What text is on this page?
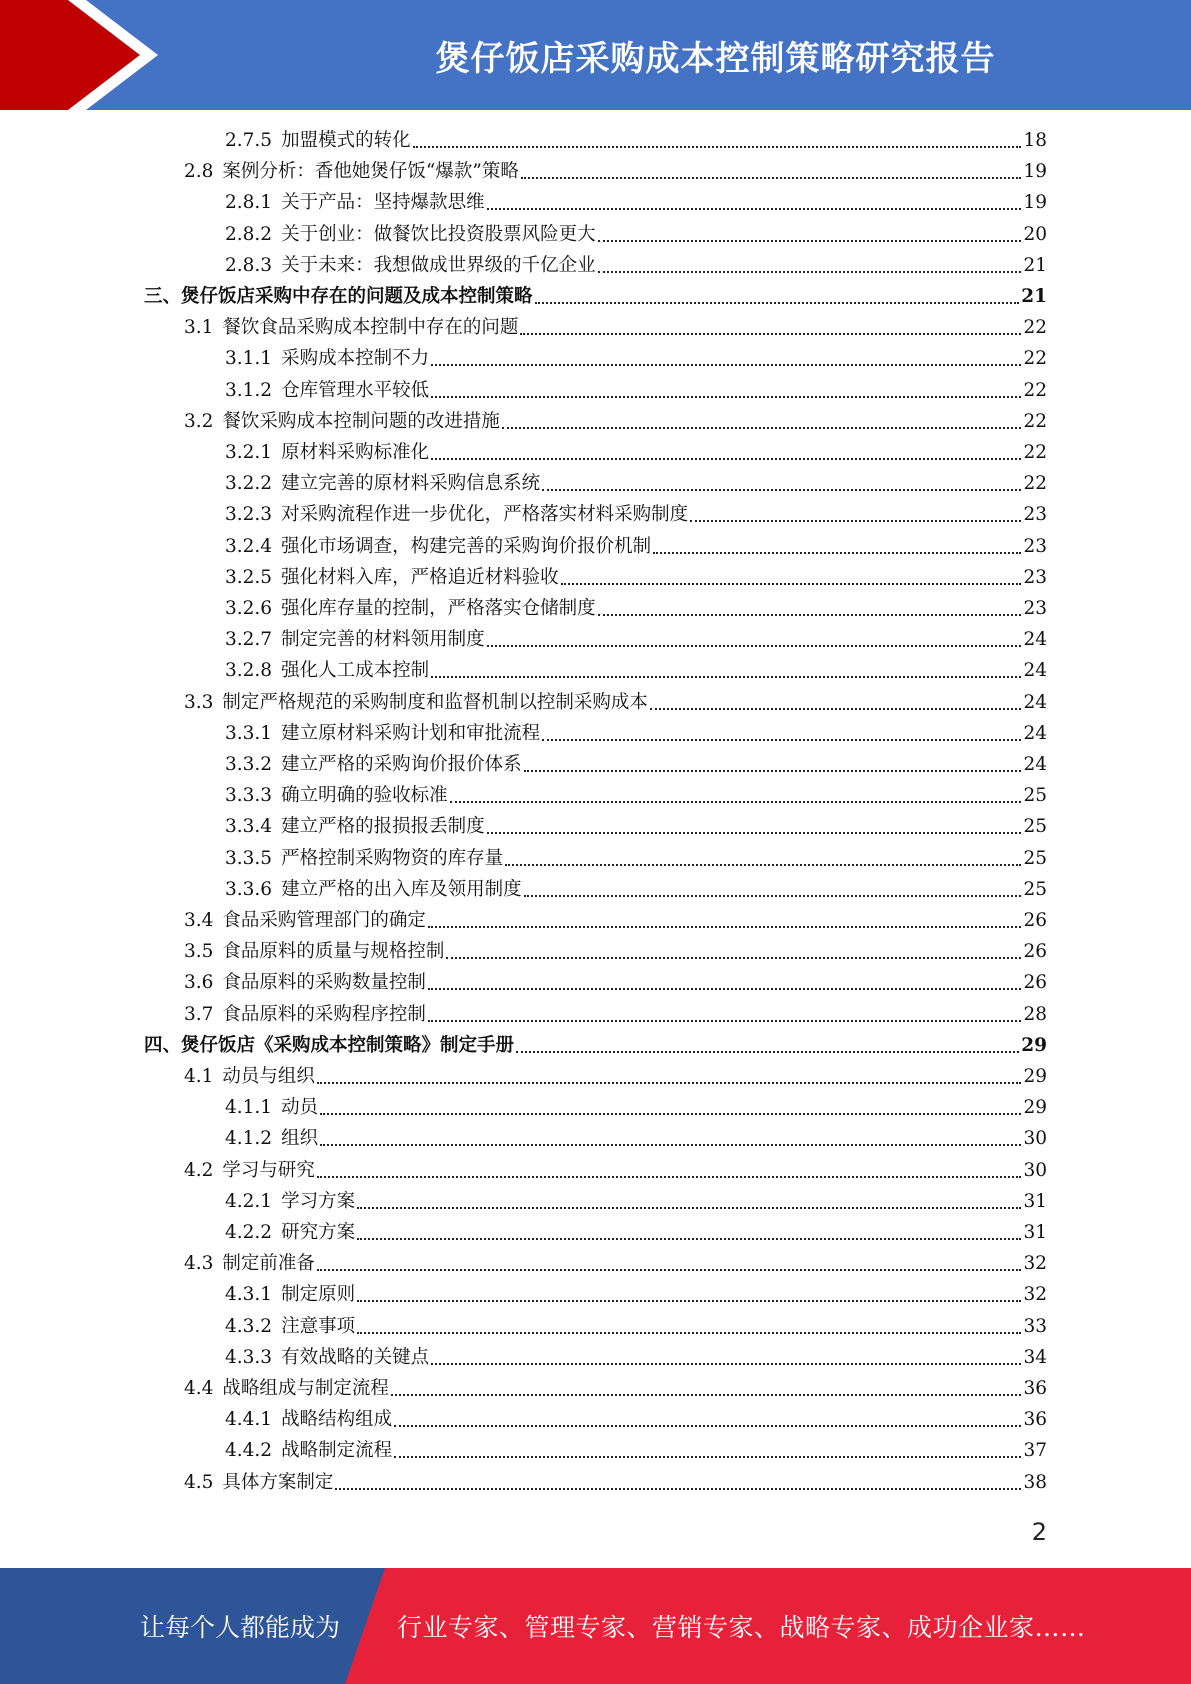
煲仔饭店采购成本控制策略研究报告
2.7.5 加盟模式的转化	18
2.8 案例分析：香他她煲仔饭“爆款”策略	19
2.8.1 关于产品：坚持爆款思维	19
2.8.2 关于创业：做餐饮比投资股票风险更大	20
2.8.3 关于未来：我想做成世界级的千亿企业	21
三、煲仔饭店采购中存在的问题及成本控制策略	21
3.1 餐饮食品采购成本控制中存在的问题	22
3.1.1 采购成本控制不力	22
3.1.2 仓库管理水平较低	22
3.2 餐饮采购成本控制问题的改进措施	22
3.2.1 原材料采购标准化	22
3.2.2 建立完善的原材料采购信息系统	22
3.2.3 对采购流程作进一步优化，严格落实材料采购制度	23
3.2.4 强化市场调查，构建完善的采购询价报价机制	23
3.2.5 强化材料入库，严格追近材料验收	23
3.2.6 强化库存量的控制，严格落实仓储制度	23
3.2.7 制定完善的材料领用制度	24
3.2.8 强化人工成本控制	24
3.3 制定严格规范的采购制度和监督机制以控制采购成本	24
3.3.1 建立原材料采购计划和审批流程	24
3.3.2 建立严格的采购询价报价体系	24
3.3.3 确立明确的验收标准	25
3.3.4 建立严格的报损报丢制度	25
3.3.5 严格控制采购物资的库存量	25
3.3.6 建立严格的出入库及领用制度	25
3.4 食品采购管理部门的确定	26
3.5 食品原料的质量与规格控制	26
3.6 食品原料的采购数量控制	26
3.7 食品原料的采购程序控制	28
四、煲仔饭店《采购成本控制策略》制定手册	29
4.1 动员与组织	29
4.1.1 动员	29
4.1.2 组织	30
4.2 学习与研究	30
4.2.1 学习方案	31
4.2.2 研究方案	31
4.3 制定前准备	32
4.3.1 制定原则	32
4.3.2 注意事项	33
4.3.3 有效战略的关键点	34
4.4 战略组成与制定流程	36
4.4.1 战略结构组成	36
4.4.2 战略制定流程	37
4.5 具体方案制定	38
2
让每个人都能成为 行业专家、管理专家、营销专家、战略专家、成功企业家……
